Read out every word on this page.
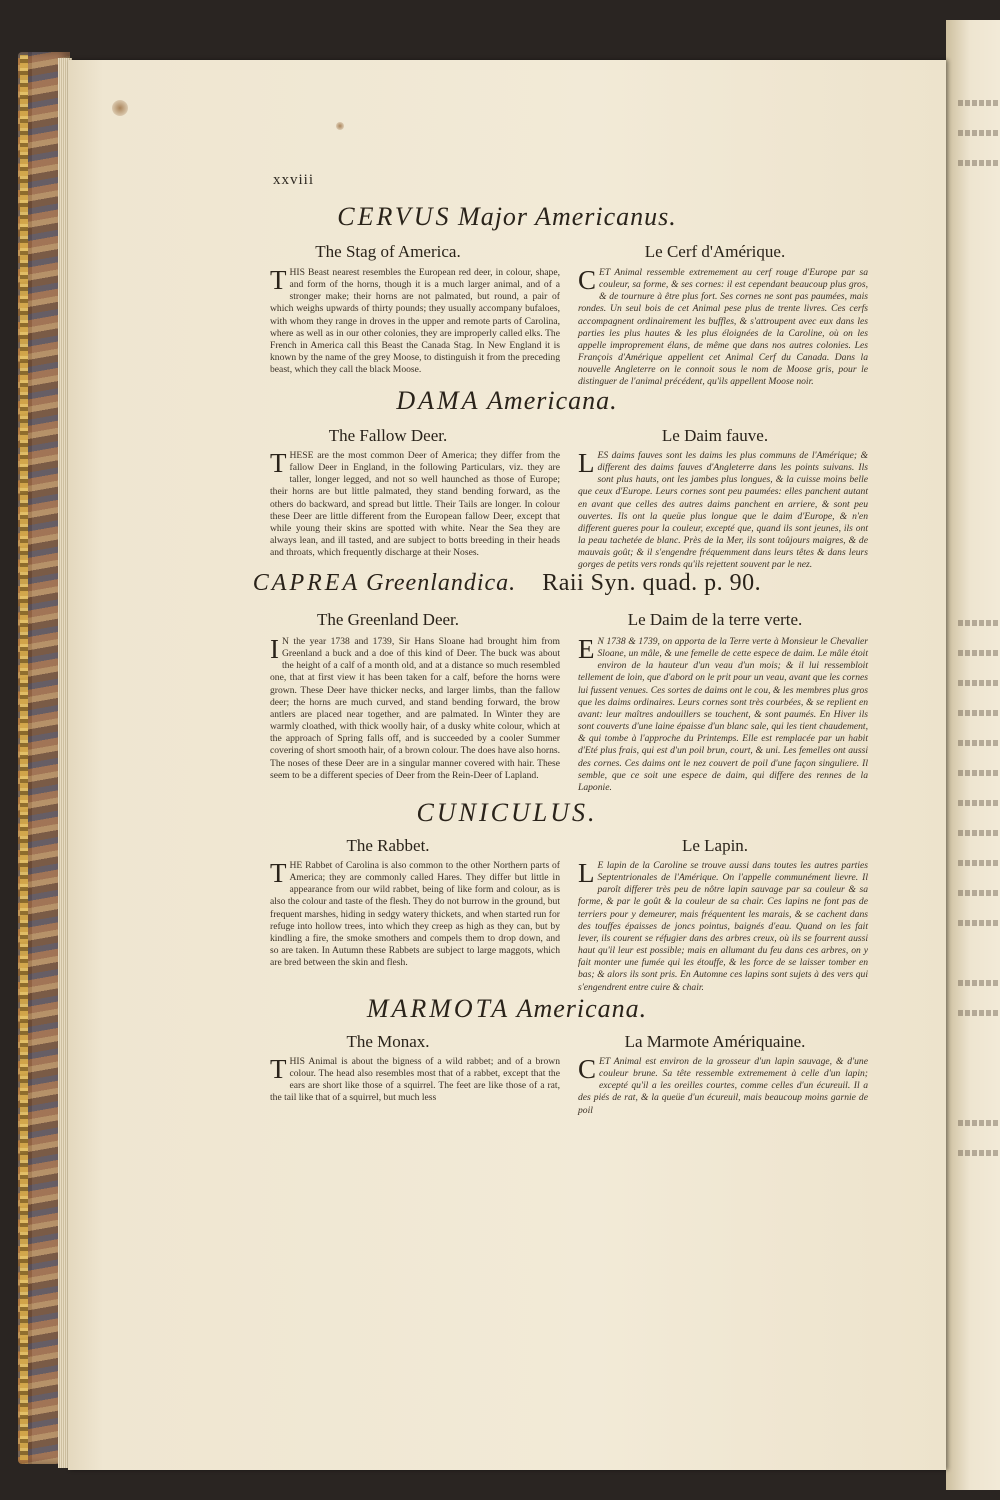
xxviii
CERVUS Major Americanus.
The Stag of America.	Le Cerf d'Amérique.
THIS Beast nearest resembles the European red deer, in colour, shape, and form of the horns, though it is a much larger animal, and of a stronger make; their horns are not palmated, but round, a pair of which weighs upwards of thirty pounds; they usually accompany bufaloes, with whom they range in droves in the upper and remote parts of Carolina, where as well as in our other colonies, they are improperly called elks. The French in America call this Beast the Canada Stag. In New England it is known by the name of the grey Moose, to distinguish it from the preceding beast, which they call the black Moose.
CET Animal ressemble extremement au cerf rouge d'Europe par sa couleur, sa forme, & ses cornes: il est cependant beaucoup plus gros, & de tournure à être plus fort. Ses cornes ne sont pas paumées, mais rondes. Un seul bois de cet Animal pese plus de trente livres. Ces cerfs accompagnent ordinairement les buffles, & s'attroupent avec eux dans les parties les plus hautes & les plus éloignées de la Caroline, où on les appelle improprement élans, de même que dans nos autres colonies. Les François d'Amérique appellent cet Animal Cerf du Canada. Dans la nouvelle Angleterre on le connoit sous le nom de Moose gris, pour le distinguer de l'animal précédent, qu'ils appellent Moose noir.
DAMA Americana.
The Fallow Deer.	Le Daim fauve.
THESE are the most common Deer of America; they differ from the fallow Deer in England, in the following Particulars, viz. they are taller, longer legged, and not so well haunched as those of Europe; their horns are but little palmated, they stand bending forward, as the others do backward, and spread but little. Their Tails are longer. In colour these Deer are little different from the European fallow Deer, except that while young their skins are spotted with white. Near the Sea they are always lean, and ill tasted, and are subject to botts breeding in their heads and throats, which frequently discharge at their Noses.
LES daims fauves sont les daims les plus communs de l'Amérique; & different des daims fauves d'Angleterre dans les points suivans. Ils sont plus hauts, ont les jambes plus longues, & la cuisse moins belle que ceux d'Europe. Leurs cornes sont peu paumées: elles panchent autant en avant que celles des autres daims panchent en arriere, & sont peu ouvertes. Ils ont la queüe plus longue que le daim d'Europe, & n'en different gueres pour la couleur, excepté que, quand ils sont jeunes, ils ont la peau tachetée de blanc. Près de la Mer, ils sont toûjours maigres, & de mauvais goût; & il s'engendre fréquemment dans leurs têtes & dans leurs gorges de petits vers ronds qu'ils rejettent souvent par le nez.
CAPREA Greenlandica. Raii Syn. quad. p. 90.
The Greenland Deer.	Le Daim de la terre verte.
I N the year 1738 and 1739, Sir Hans Sloane had brought him from Greenland a buck and a doe of this kind of Deer. The buck was about the height of a calf of a month old, and at a distance so much resembled one, that at first view it has been taken for a calf, before the horns were grown. These Deer have thicker necks, and larger limbs, than the fallow deer; the horns are much curved, and stand bending forward, the brow antlers are placed near together, and are palmated. In Winter they are warmly cloathed, with thick woolly hair, of a dusky white colour, which at the approach of Spring falls off, and is succeeded by a cooler Summer covering of short smooth hair, of a brown colour. The does have also horns. The noses of these Deer are in a singular manner covered with hair. These seem to be a different species of Deer from the Rein-Deer of Lapland.
E N 1738 & 1739, on apporta de la Terre verte à Monsieur le Chevalier Sloane, un mâle, & une femelle de cette espece de daim. Le mâle étoit environ de la hauteur d'un veau d'un mois; & il lui ressembloit tellement de loin, que d'abord on le prit pour un veau, avant que les cornes lui fussent venues. Ces sortes de daims ont le cou, & les membres plus gros que les daims ordinaires. Leurs cornes sont très courbées, & se replient en avant: leur maîtres andouillers se touchent, & sont paumés. En Hiver ils sont couverts d'une laine épaisse d'un blanc sale, qui les tient chaudement, & qui tombe à l'approche du Printemps. Elle est remplacée par un habit d'Eté plus frais, qui est d'un poil brun, court, & uni. Les femelles ont aussi des cornes. Ces daims ont le nez couvert de poil d'une façon singuliere. Il semble, que ce soit une espece de daim, qui differe des rennes de la Laponie.
CUNICULUS.
The Rabbet.	Le Lapin.
THE Rabbet of Carolina is also common to the other Northern parts of America; they are commonly called Hares. They differ but little in appearance from our wild rabbet, being of like form and colour, as is also the colour and taste of the flesh. They do not burrow in the ground, but frequent marshes, hiding in sedgy watery thickets, and when started run for refuge into hollow trees, into which they creep as high as they can, but by kindling a fire, the smoke smothers and compels them to drop down, and so are taken. In Autumn these Rabbets are subject to large maggots, which are bred between the skin and flesh.
L E lapin de la Caroline se trouve aussi dans toutes les autres parties Septentrionales de l'Amérique. On l'appelle communément lievre. Il paroît differer très peu de nôtre lapin sauvage par sa couleur & sa forme, & par le goût & la couleur de sa chair. Ces lapins ne font pas de terriers pour y demeurer, mais fréquentent les marais, & se cachent dans des touffes épaisses de joncs pointus, baignés d'eau. Quand on les fait lever, ils courent se réfugier dans des arbres creux, où ils se fourrent aussi haut qu'il leur est possible; mais en allumant du feu dans ces arbres, on y fait monter une fumée qui les étouffe, & les force de se laisser tomber en bas; & alors ils sont pris. En Automne ces lapins sont sujets à des vers qui s'engendrent entre cuire & chair.
MARMOTA Americana.
The Monax.	La Marmote Amériquaine.
THIS Animal is about the bigness of a wild rabbet; and of a brown colour. The head also resembles most that of a rabbet, except that the ears are short like those of a squirrel. The feet are like those of a rat, the tail like that of a squirrel, but much less
CET Animal est environ de la grosseur d'un lapin sauvage, & d'une couleur brune. Sa tête ressemble extremement à celle d'un lapin; excepté qu'il a les oreilles courtes, comme celles d'un écureuil. Il a des piés de rat, & la queüe d'un écureuil, mais beaucoup moins garnie de poil
